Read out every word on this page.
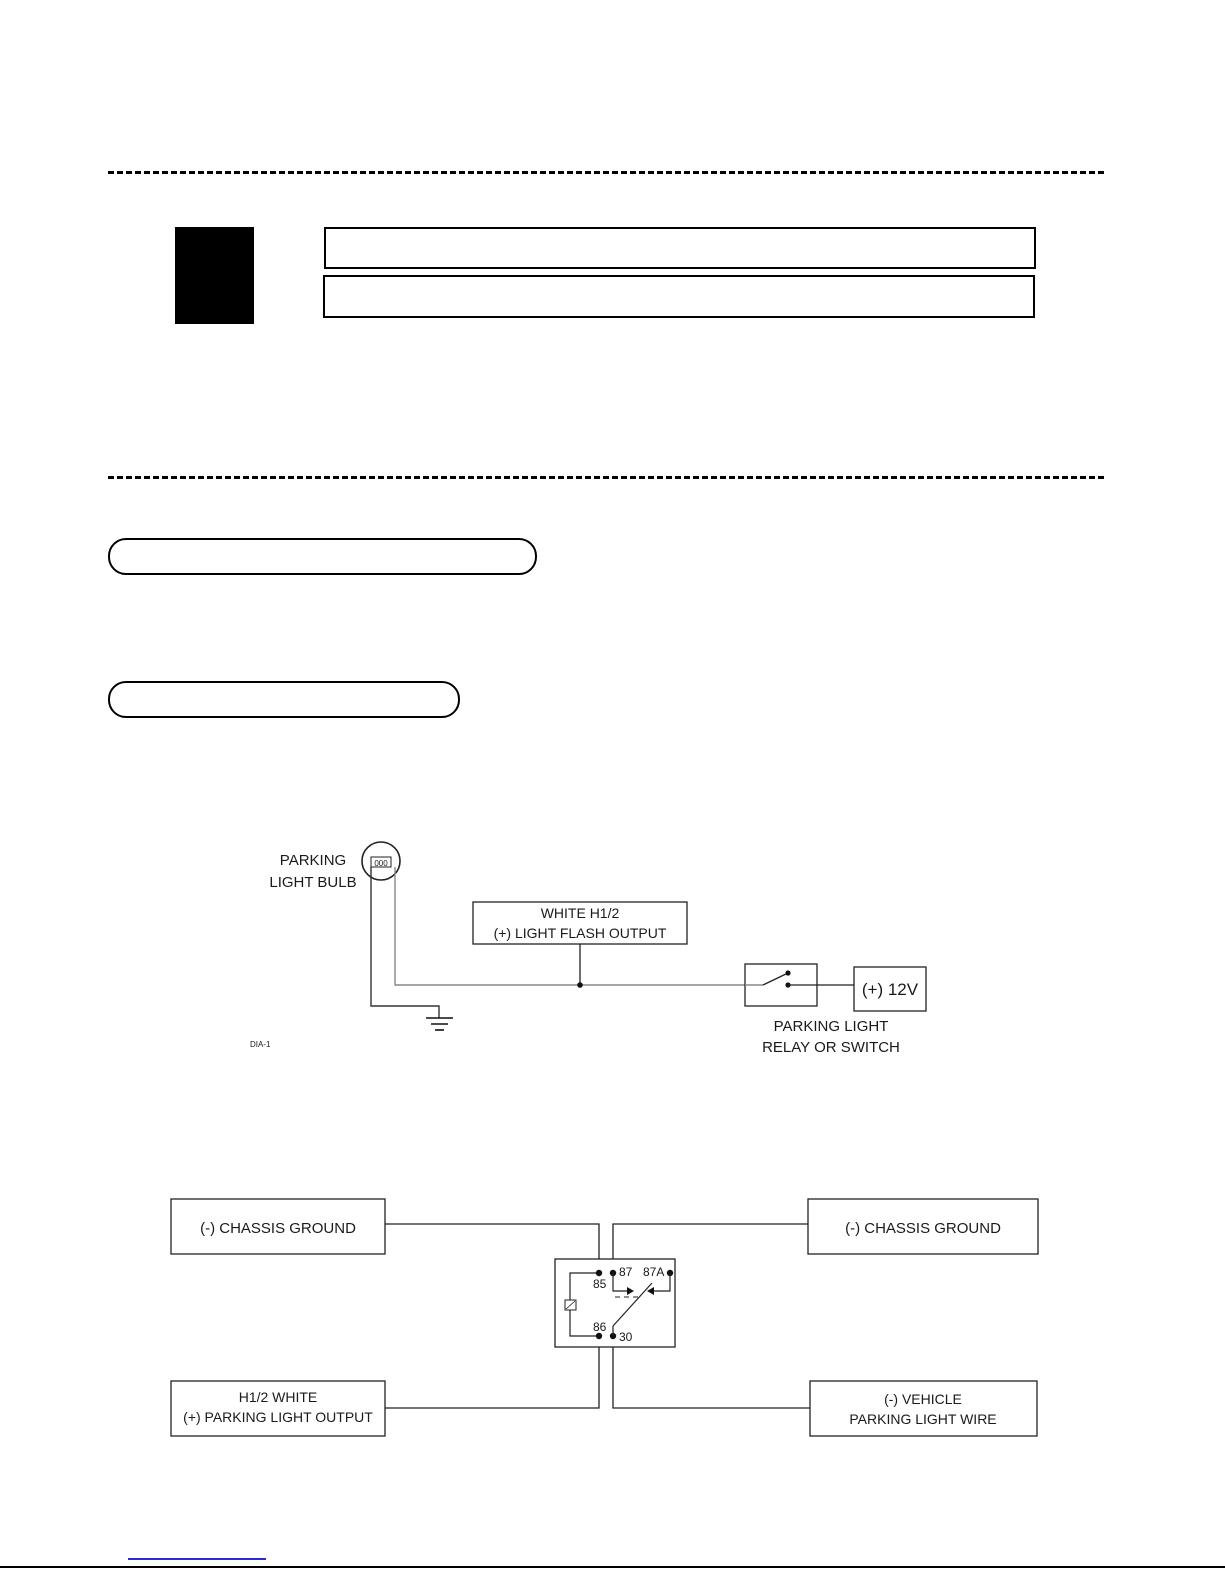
000
PARKING
LIGHT BULB
WHITE H1/2
(+) LIGHT FLASH OUTPUT
PARKING LIGHT
RELAY OR SWITCH
(+) 12V
DIA-1
(-) CHASSIS GROUND	(-) CHASSIS GROUND
H1/2 WHITE
(+) PARKING LIGHT OUTPUT
(-) VEHICLE
PARKING LIGHT WIRE
85
87 87A
86
30
